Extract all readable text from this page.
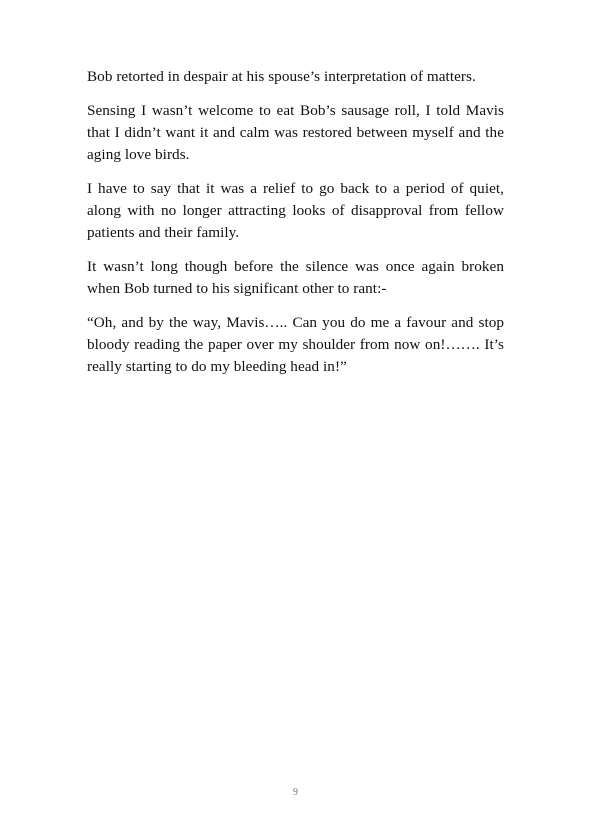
Bob retorted in despair at his spouse’s interpretation of matters.

Sensing I wasn’t welcome to eat Bob’s sausage roll, I told Mavis that I didn’t want it and calm was restored between myself and the aging love birds.

I have to say that it was a relief to go back to a period of quiet, along with no longer attracting looks of disapproval from fellow patients and their family.

It wasn’t long though before the silence was once again broken when Bob turned to his significant other to rant:-

“Oh, and by the way, Mavis….. Can you do me a favour and stop bloody reading the paper over my shoulder from now on!……. It’s really starting to do my bleeding head in!”

9
